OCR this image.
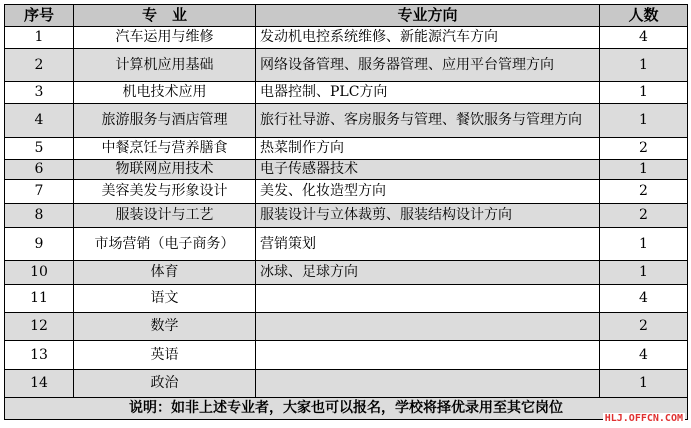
序号	专　业	专业方向	人数
1	汽车运用与维修	发动机电控系统维修、新能源汽车方向	4
2	计算机应用基础	网络设备管理、服务器管理、应用平台管理方向	1
3	机电技术应用	电器控制、PLC方向	1
4	旅游服务与酒店管理	旅行社导游、客房服务与管理、餐饮服务与管理方向	1
5	中餐烹饪与营养膳食	热菜制作方向	2
6	物联网应用技术	电子传感器技术	1
7	美容美发与形象设计	美发、化妆造型方向	2
8	服装设计与工艺	服装设计与立体裁剪、服装结构设计方向	2
9	市场营销（电子商务）	营销策划	1
10	体育	冰球、足球方向	1
11	语文		4
12	数学		2
13	英语		4
14	政治		1
说明：如非上述专业者，大家也可以报名，学校将择优录用至其它岗位			
HLJ.OFFCN.COM
